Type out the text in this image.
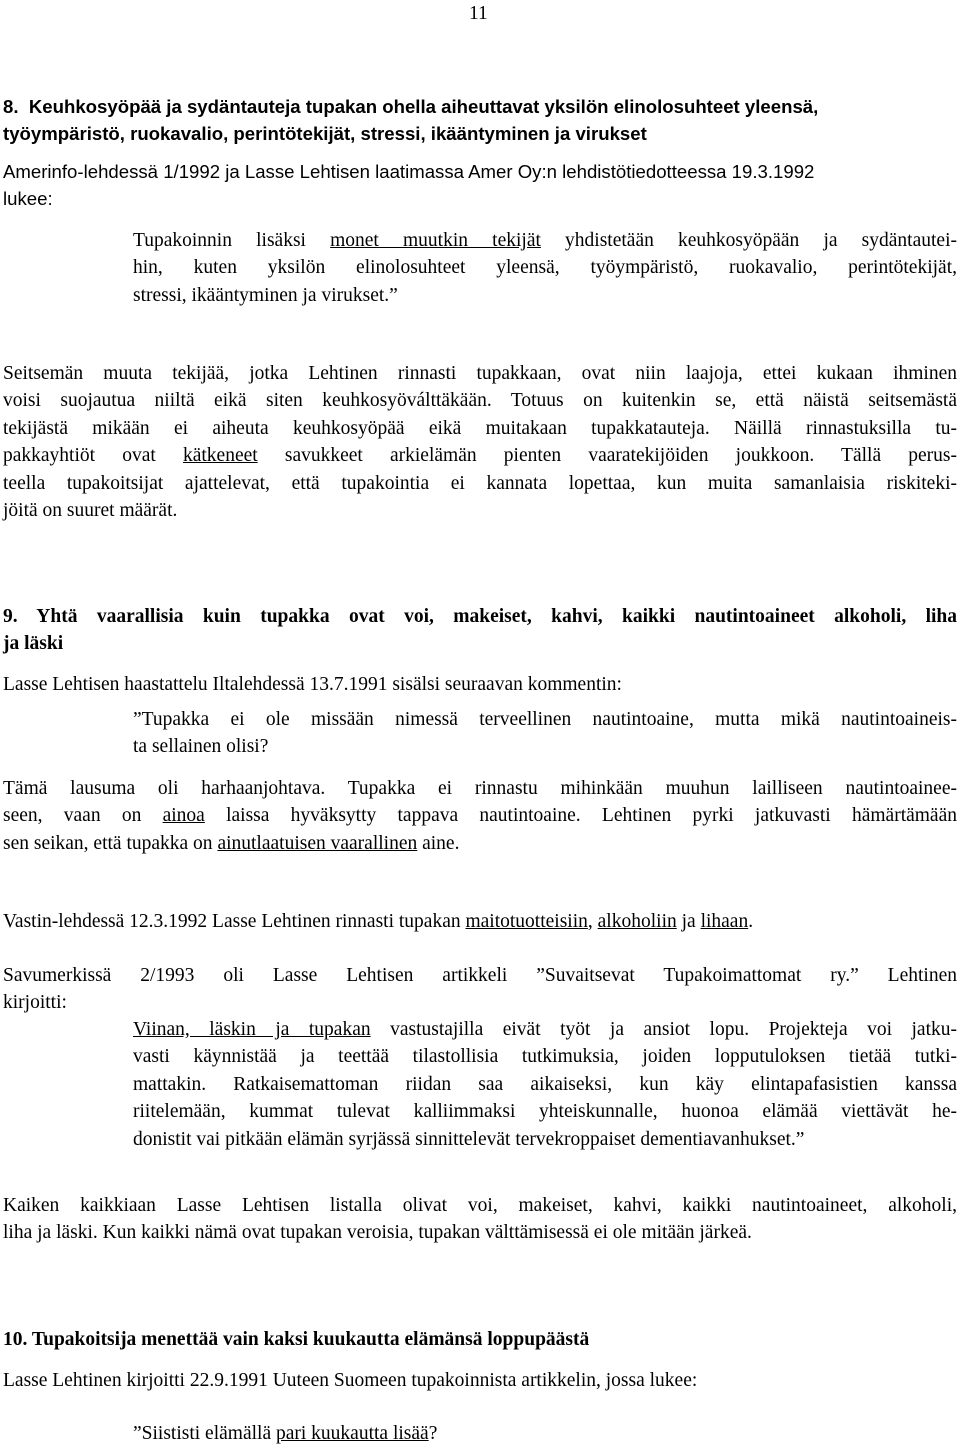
11
8. Keuhkosyöpää ja sydäntauteja tupakan ohella aiheuttavat yksilön elinolosuhteet yleensä,
työympäristö, ruokavalio, perintötekijät, stressi, ikääntyminen ja virukset
Amerinfo-lehdessä 1/1992 ja Lasse Lehtisen laatimassa Amer Oy:n lehdistötiedotteessa 19.3.1992
lukee:
Tupakoinnin lisäksi monet muutkin tekijät yhdistetään keuhkosyöpään ja sydäntautei-
hin, kuten yksilön elinolosuhteet yleensä, työympäristö, ruokavalio, perintötekijät,
stressi, ikääntyminen ja virukset.”
Seitsemän muuta tekijää, jotka Lehtinen rinnasti tupakkaan, ovat niin laajoja, ettei kukaan ihminen
voisi suojautua niiltä eikä siten keuhkosyöválttäkään. Totuus on kuitenkin se, että näistä seitsemästä
tekijästä mikään ei aiheuta keuhkosyöpää eikä muitakaan tupakkatauteja. Näillä rinnastuksilla tu-
pakkayhtiöt ovat kätkeneet savukkeet arkielämän pienten vaaratekijöiden joukkoon. Tällä perus-
teella tupakoitsijat ajattelevat, että tupakointia ei kannata lopettaa, kun muita samanlaisia riskiteki-
jöitä on suuret määrät.
9. Yhtä vaarallisia kuin tupakka ovat voi, makeiset, kahvi, kaikki nautintoaineet alkoholi, liha
ja läski
Lasse Lehtisen haastattelu Iltalehdessä 13.7.1991 sisälsi seuraavan kommentin:
”Tupakka ei ole missään nimessä terveellinen nautintoaine, mutta mikä nautintoaineis-
ta sellainen olisi?
Tämä lausuma oli harhaanjohtava. Tupakka ei rinnastu mihinkään muuhun lailliseen nautintoainee-
seen, vaan on ainoa laissa hyväksytty tappava nautintoaine. Lehtinen pyrki jatkuvasti hämärtämään
sen seikan, että tupakka on ainutlaatuisen vaarallinen aine.
Vastin-lehdessä 12.3.1992 Lasse Lehtinen rinnasti tupakan maitotuotteisiin, alkoholiin ja lihaan.
Savumerkissä 2/1993 oli Lasse Lehtisen artikkeli ”Suvaitsevat Tupakoimattomat ry.” Lehtinen
kirjoitti:
Viinan, läskin ja tupakan vastustajilla eivät työt ja ansiot lopu. Projekteja voi jatku-
vasti käynnistää ja teettää tilastollisia tutkimuksia, joiden lopputuloksen tietää tutki-
mattakin. Ratkaisemattoman riidan saa aikaiseksi, kun käy elintapafasistien kanssa
riitelemään, kummat tulevat kalliimmaksi yhteiskunnalle, huonoa elämää viettävät he-
donistit vai pitkään elämän syrjässä sinnittelevät tervekroppaiset dementiavanhukset.”
Kaiken kaikkiaan Lasse Lehtisen listalla olivat voi, makeiset, kahvi, kaikki nautintoaineet, alkoholi,
liha ja läski. Kun kaikki nämä ovat tupakan veroisia, tupakan välttämisessä ei ole mitään järkeä.
10. Tupakoitsija menettää vain kaksi kuukautta elämänsä loppupäästä
Lasse Lehtinen kirjoitti 22.9.1991 Uuteen Suomeen tupakoinnista artikkelin, jossa lukee:
”Siististi elämällä pari kuukautta lisää?
